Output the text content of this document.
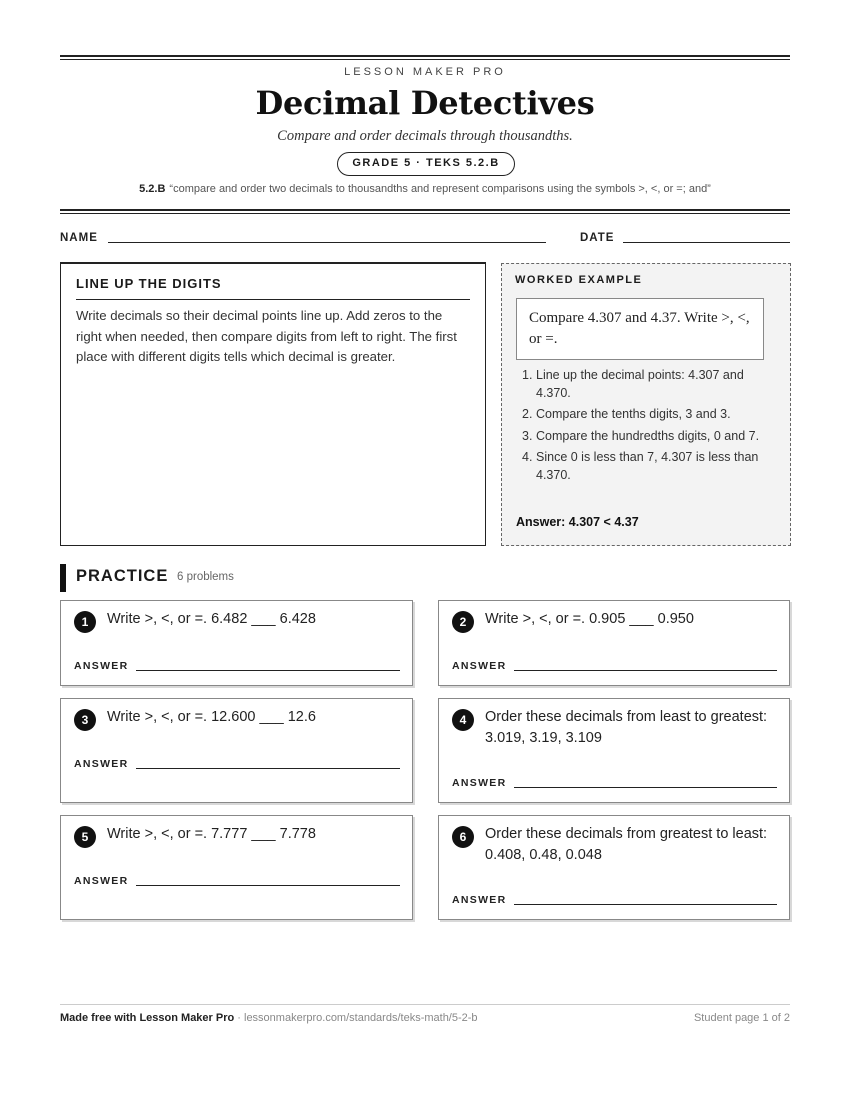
LESSON MAKER PRO
Decimal Detectives
Compare and order decimals through thousandths.
GRADE 5 · TEKS 5.2.B
5.2.B “compare and order two decimals to thousandths and represent comparisons using the symbols >, <, or =; and”
NAME	DATE
LINE UP THE DIGITS

Write decimals so their decimal points line up. Add zeros to the right when needed, then compare digits from left to right. The first place with different digits tells which decimal is greater.

WORKED EXAMPLE
Compare 4.307 and 4.37. Write >, <, or =.
1. Line up the decimal points: 4.307 and 4.370.
2. Compare the tenths digits, 3 and 3.
3. Compare the hundredths digits, 0 and 7.
4. Since 0 is less than 7, 4.307 is less than 4.370.
Answer: 4.307 < 4.37
PRACTICE 6 problems
1	Write >, <, or =. 6.482 ___ 6.428
ANSWER
2	Write >, <, or =. 0.905 ___ 0.950
ANSWER
3	Write >, <, or =. 12.600 ___ 12.6
ANSWER
4	Order these decimals from least to greatest: 3.019, 3.19, 3.109
ANSWER
5	Write >, <, or =. 7.777 ___ 7.778
ANSWER
6	Order these decimals from greatest to least: 0.408, 0.48, 0.048
ANSWER
Made free with Lesson Maker Pro · lessonmakerpro.com/standards/teks-math/5-2-b	Student page 1 of 2
